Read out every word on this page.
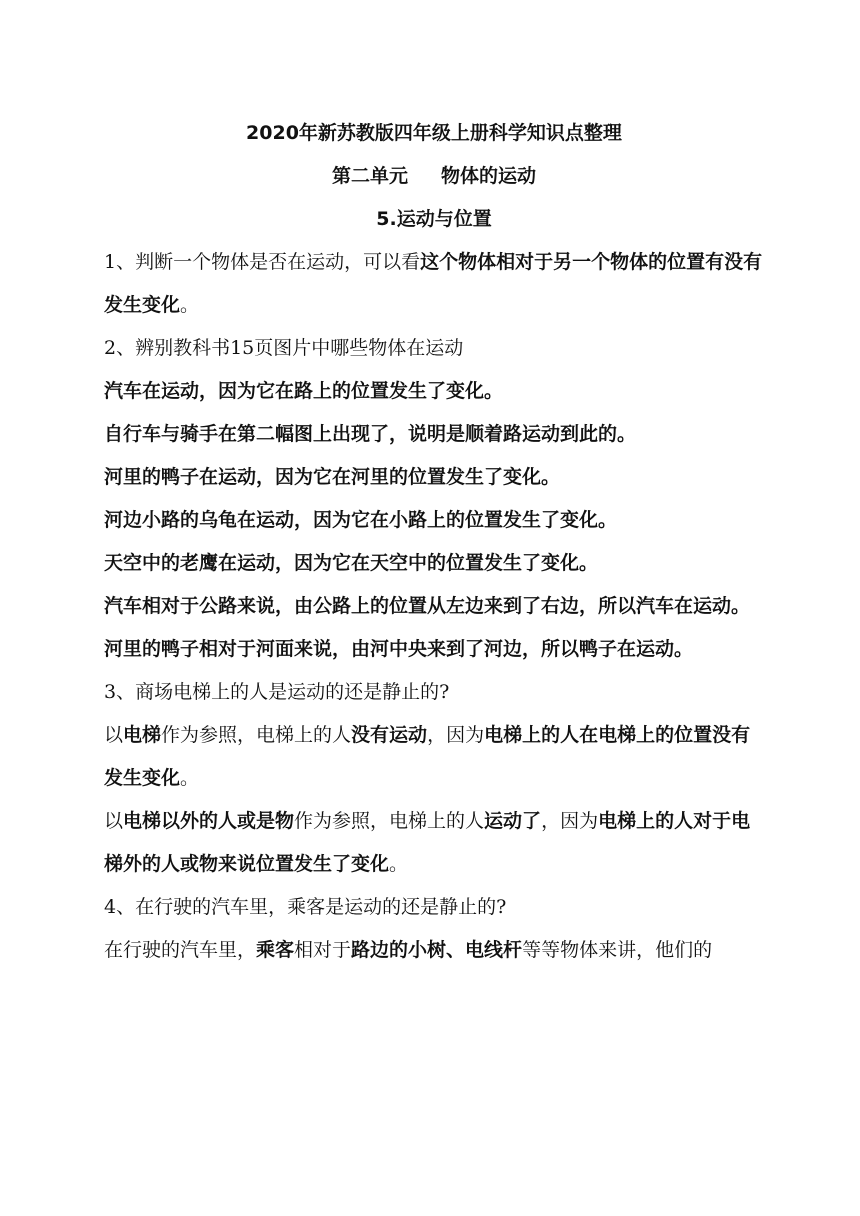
2020年新苏教版四年级上册科学知识点整理
第二单元     物体的运动
5.运动与位置

1、判断一个物体是否在运动，可以看这个物体相对于另一个物体的位置有没有发生变化。

2、辨别教科书15页图片中哪些物体在运动

汽车在运动，因为它在路上的位置发生了变化。

自行车与骑手在第二幅图上出现了，说明是顺着路运动到此的。

河里的鸭子在运动，因为它在河里的位置发生了变化。

河边小路的乌龟在运动，因为它在小路上的位置发生了变化。

天空中的老鹰在运动，因为它在天空中的位置发生了变化。

汽车相对于公路来说，由公路上的位置从左边来到了右边，所以汽车在运动。

河里的鸭子相对于河面来说，由河中央来到了河边，所以鸭子在运动。

3、商场电梯上的人是运动的还是静止的?

以电梯作为参照，电梯上的人没有运动，因为电梯上的人在电梯上的位置没有发生变化。

以电梯以外的人或是物作为参照，电梯上的人运动了，因为电梯上的人对于电梯外的人或物来说位置发生了变化。

4、在行驶的汽车里，乘客是运动的还是静止的?

在行驶的汽车里，乘客相对于路边的小树、电线杆等等物体来讲，他们的
